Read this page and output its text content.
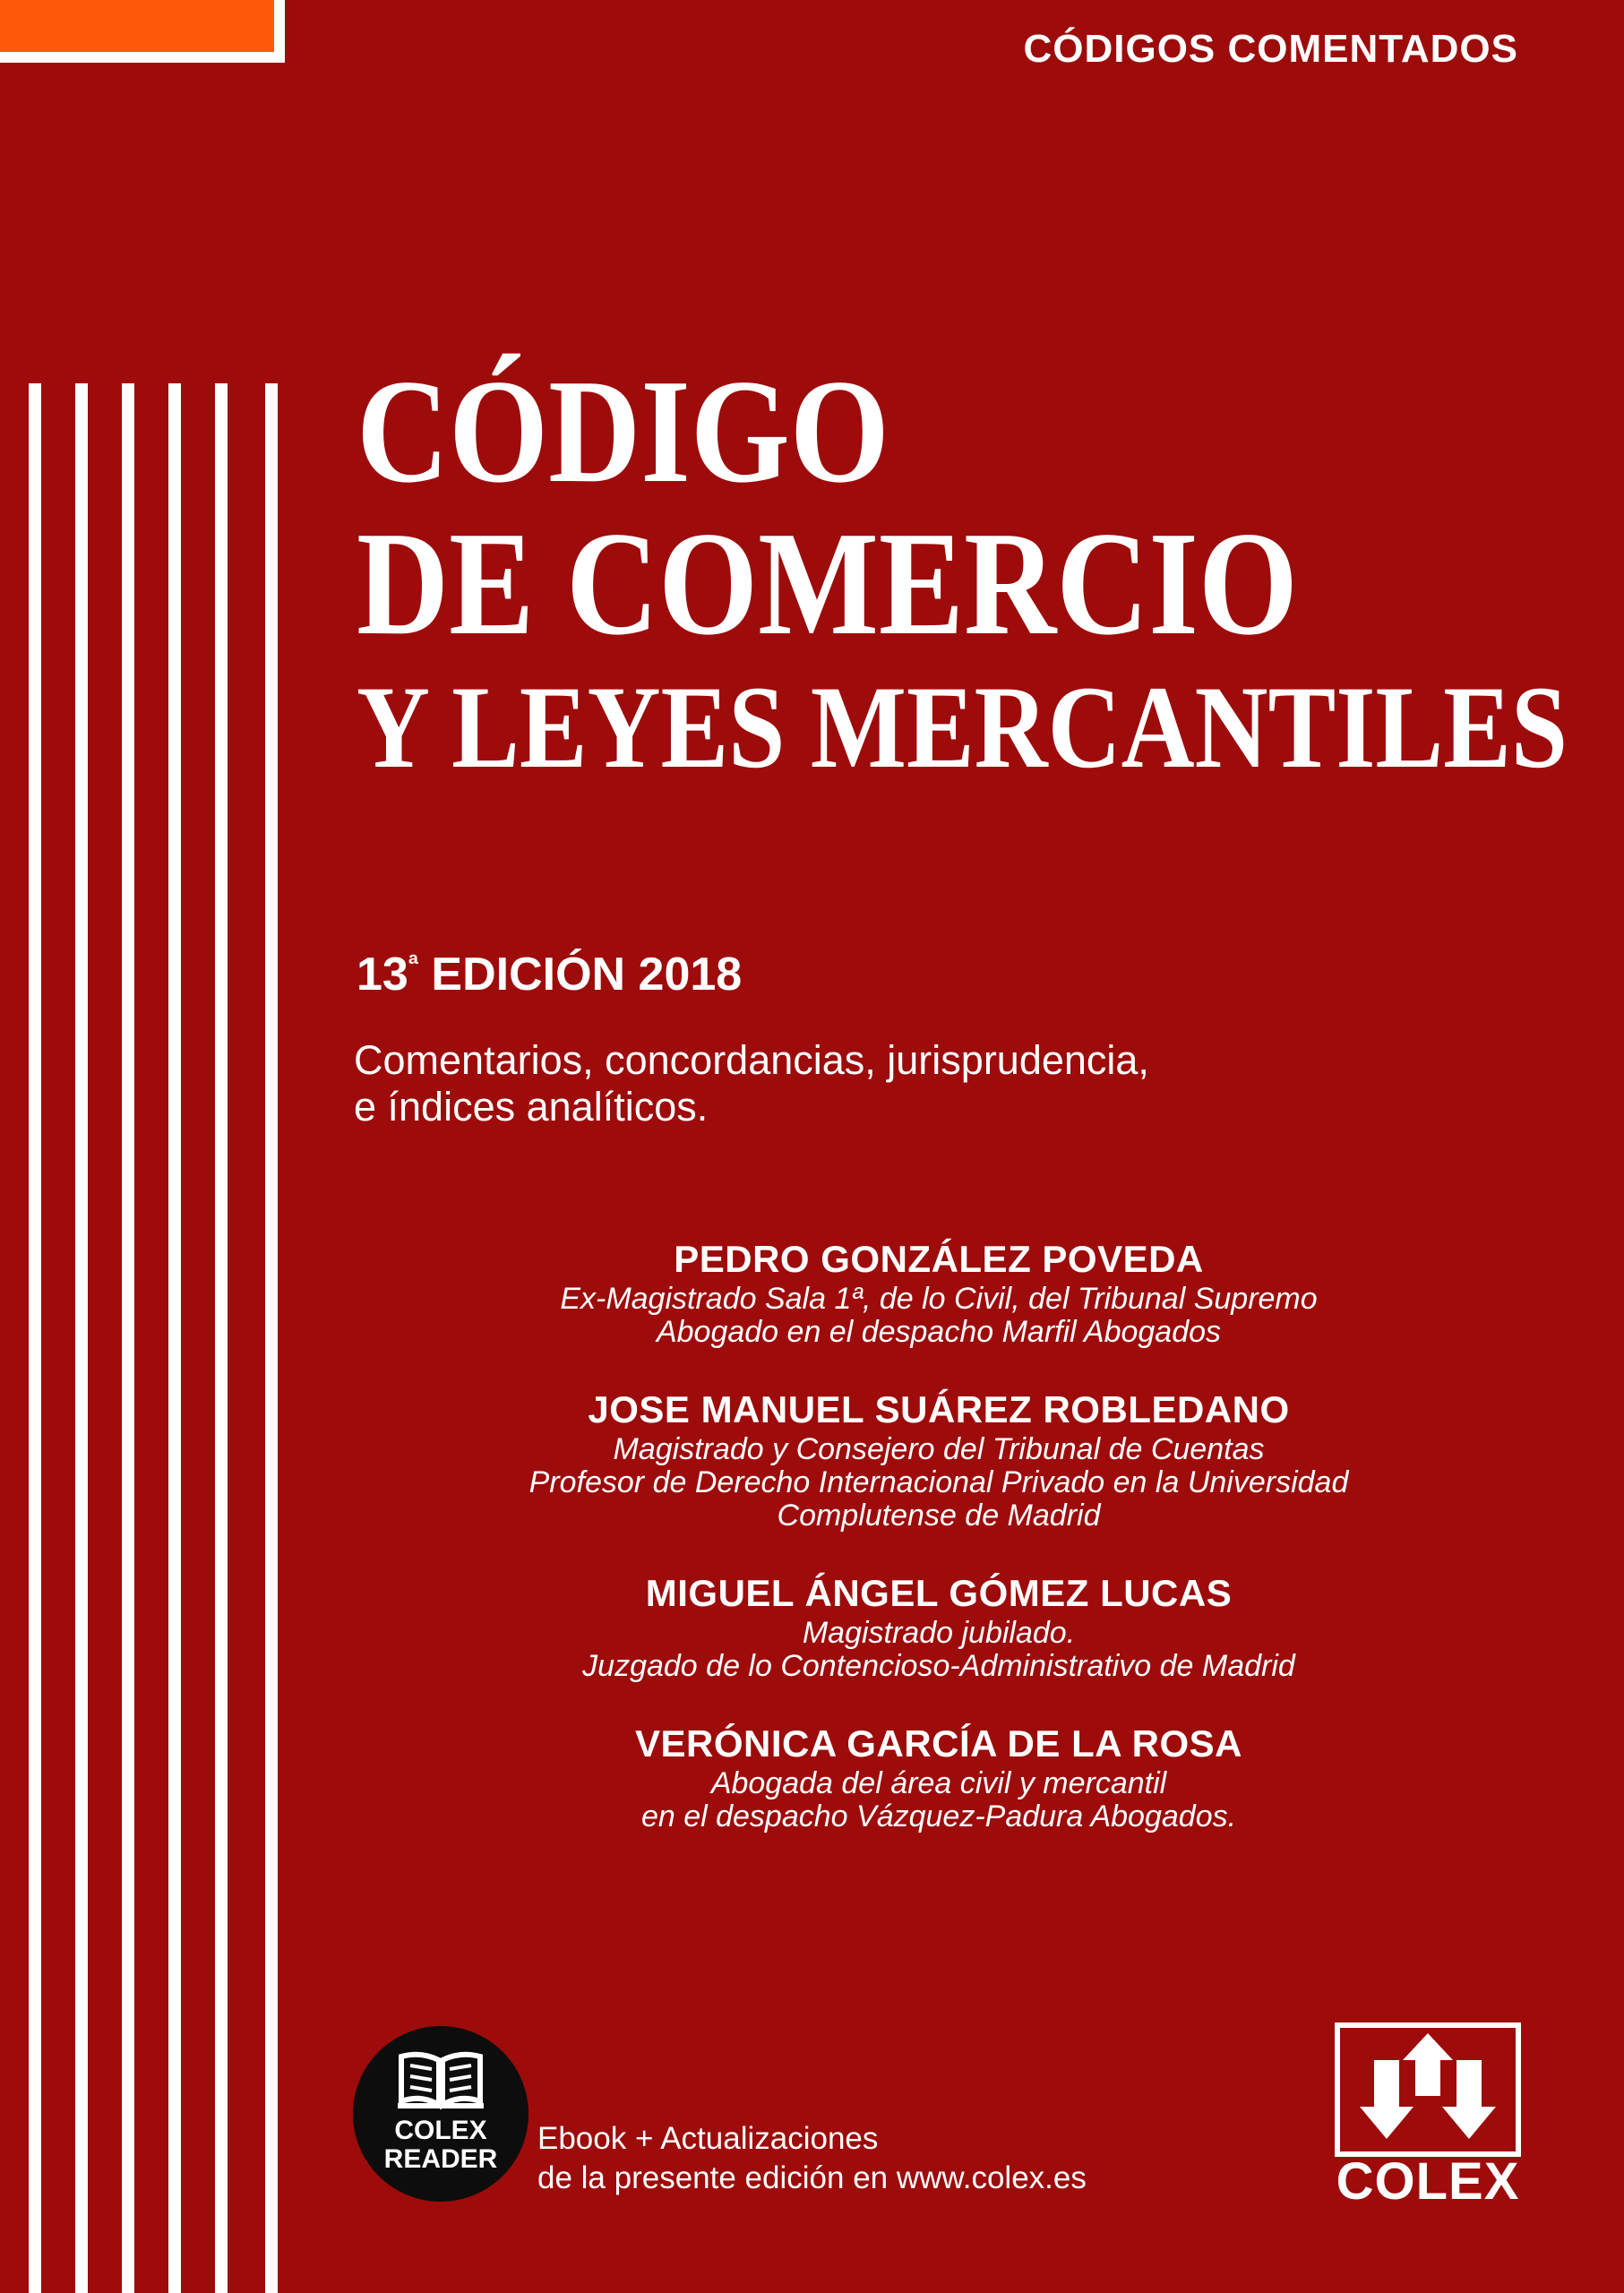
CÓDIGOS COMENTADOS
CÓDIGO
DE COMERCIO
Y LEYES MERCANTILES
$13^ª$ EDICIÓN 2018
Comentarios, concordancias, jurisprudencia,
e índices analíticos.
PEDRO GONZÁLEZ POVEDA
Ex-Magistrado Sala 1ª, de lo Civil, del Tribunal Supremo
Abogado en el despacho Marfil Abogados
JOSE MANUEL SUÁREZ ROBLEDANO
Magistrado y Consejero del Tribunal de Cuentas
Profesor de Derecho Internacional Privado en la Universidad
Complutense de Madrid
MIGUEL ÁNGEL GÓMEZ LUCAS
Magistrado jubilado.
Juzgado de lo Contencioso-Administrativo de Madrid
VERÓNICA GARCÍA DE LA ROSA
Abogada del área civil y mercantil
en el despacho Vázquez-Padura Abogados.
COLEX
READER
Ebook + Actualizaciones
de la presente edición en www.colex.es	COLEX
